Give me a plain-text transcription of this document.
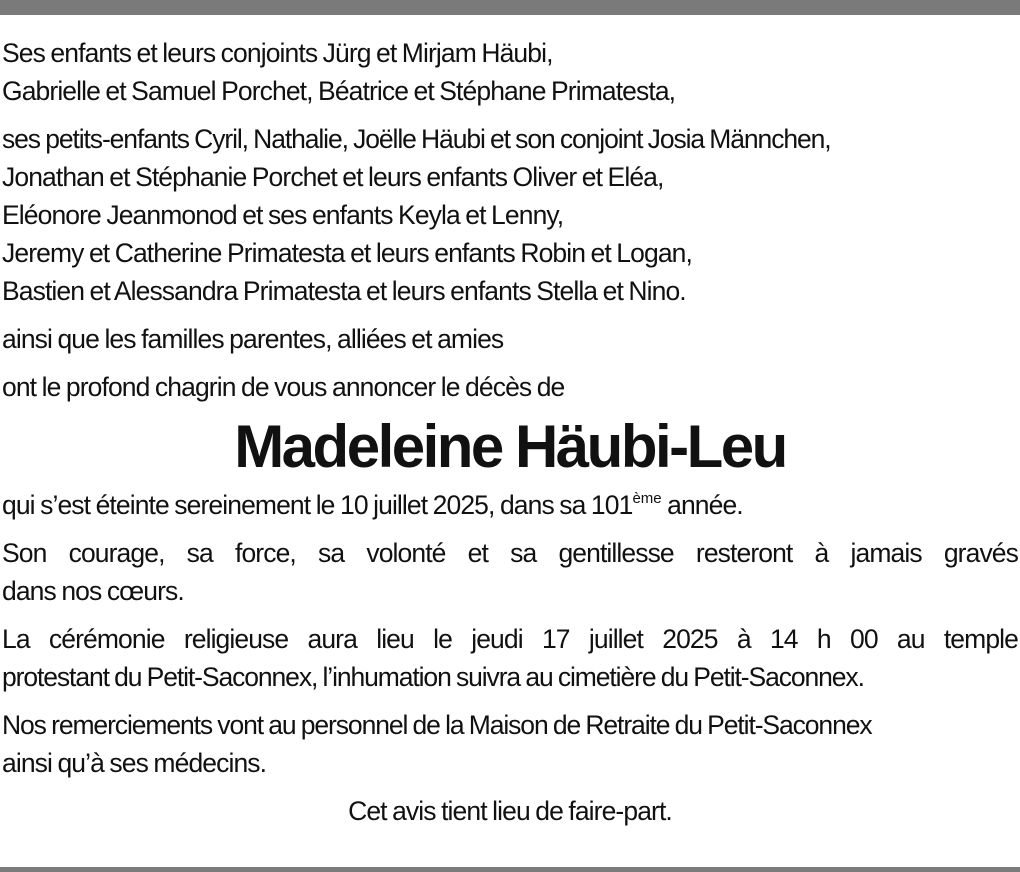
Ses enfants et leurs conjoints Jürg et Mirjam Häubi,
Gabrielle et Samuel Porchet, Béatrice et Stéphane Primatesta,
ses petits-enfants Cyril, Nathalie, Joëlle Häubi et son conjoint Josia Männchen,
Jonathan et Stéphanie Porchet et leurs enfants Oliver et Eléa,
Eléonore Jeanmonod et ses enfants Keyla et Lenny,
Jeremy et Catherine Primatesta et leurs enfants Robin et Logan,
Bastien et Alessandra Primatesta et leurs enfants Stella et Nino.
ainsi que les familles parentes, alliées et amies
ont le profond chagrin de vous annoncer le décès de
Madeleine Häubi-Leu
qui s’est éteinte sereinement le 10 juillet 2025, dans sa 101ème année.
Son courage, sa force, sa volonté et sa gentillesse resteront à jamais gravés
dans nos cœurs.
La cérémonie religieuse aura lieu le jeudi 17 juillet 2025 à 14 h 00 au temple
protestant du Petit-Saconnex, l’inhumation suivra au cimetière du Petit-Saconnex.
Nos remerciements vont au personnel de la Maison de Retraite du Petit-Saconnex
ainsi qu’à ses médecins.
Cet avis tient lieu de faire-part.
